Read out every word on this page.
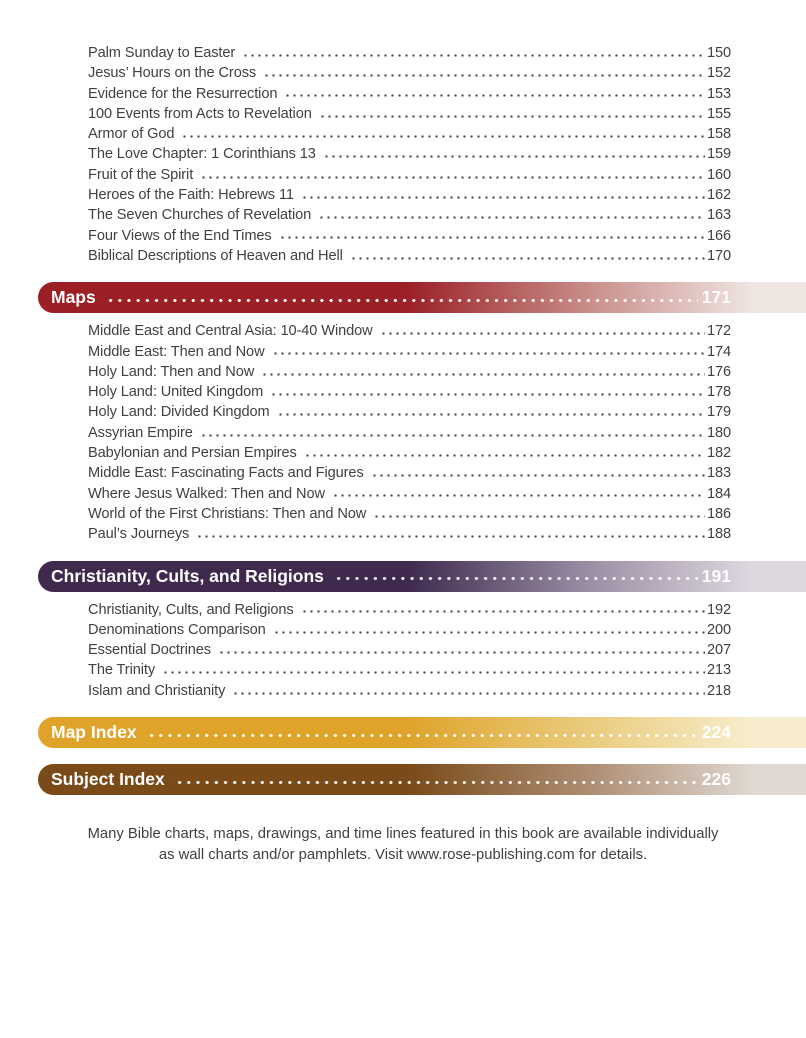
Palm Sunday to Easter	150
Jesus’ Hours on the Cross	152
Evidence for the Resurrection	153
100 Events from Acts to Revelation	155
Armor of God	158
The Love Chapter: 1 Corinthians 13	159
Fruit of the Spirit	160
Heroes of the Faith: Hebrews 11	162
The Seven Churches of Revelation	163
Four Views of the End Times	166
Biblical Descriptions of Heaven and Hell	170
Maps	171
Middle East and Central Asia: 10-40 Window	172
Middle East: Then and Now	174
Holy Land: Then and Now	176
Holy Land: United Kingdom	178
Holy Land: Divided Kingdom	179
Assyrian Empire	180
Babylonian and Persian Empires	182
Middle East: Fascinating Facts and Figures	183
Where Jesus Walked: Then and Now	184
World of the First Christians: Then and Now	186
Paul’s Journeys	188
Christianity, Cults, and Religions	191
Christianity, Cults, and Religions	192
Denominations Comparison	200
Essential Doctrines	207
The Trinity	213
Islam and Christianity	218
Map Index	224
Subject Index	226

Many Bible charts, maps, drawings, and time lines featured in this book are available individually
as wall charts and/or pamphlets. Visit www.rose-publishing.com for details.
